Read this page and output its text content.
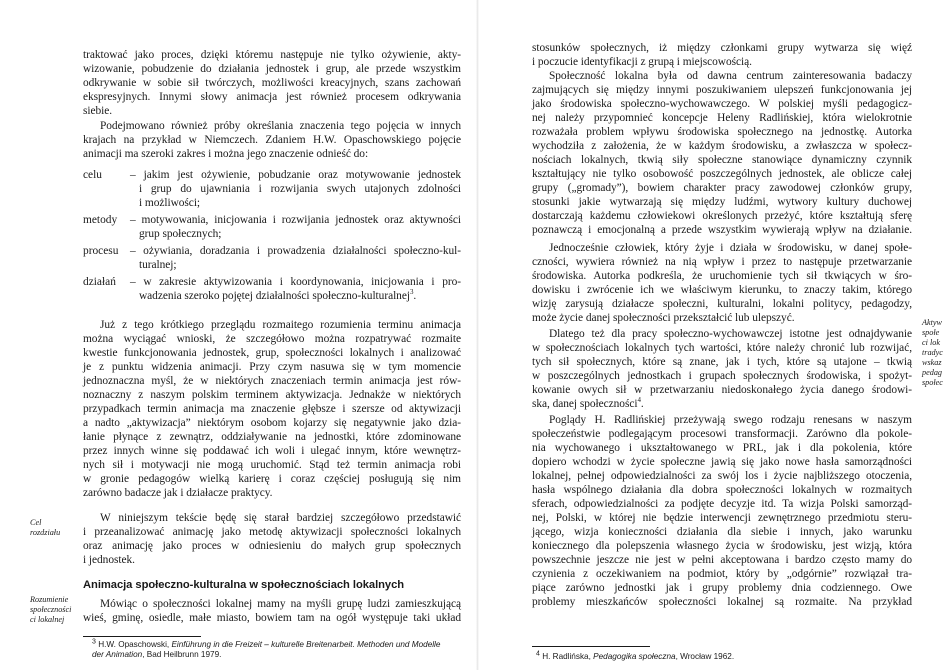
traktować jako proces, dzięki któremu następuje nie tylko ożywienie, akty-
wizowanie, pobudzenie do działania jednostek i grup, ale przede wszystkim
odkrywanie w sobie sił twórczych, możliwości kreacyjnych, szans zachowań
ekspresyjnych. Innymi słowy animacja jest również procesem odkrywania
siebie.
Podejmowano również próby określania znaczenia tego pojęcia w innych
krajach na przykład w Niemczech. Zdaniem H.W. Opaschowskiego pojęcie
animacji ma szeroki zakres i można jego znaczenie odnieść do:
celu – jakim jest ożywienie, pobudzanie oraz motywowanie jednostek
i grup do ujawniania i rozwijania swych utajonych zdolności
i możliwości;
metody – motywowania, inicjowania i rozwijania jednostek oraz aktywności
grup społecznych;
procesu – ożywiania, doradzania i prowadzenia działalności społeczno-kul-
turalnej;
działań – w zakresie aktywizowania i koordynowania, inicjowania i pro-
wadzenia szeroko pojętej działalności społeczno-kulturalnej$^3$.
Już z tego krótkiego przeglądu rozmaitego rozumienia terminu animacja
można wyciągać wnioski, że szczegółowo można rozpatrywać rozmaite
kwestie funkcjonowania jednostek, grup, społeczności lokalnych i analizować
je z punktu widzenia animacji. Przy czym nasuwa się w tym momencie
jednoznaczna myśl, że w niektórych znaczeniach termin animacja jest rów-
noznaczny z naszym polskim terminem aktywizacja. Jednakże w niektórych
przypadkach termin animacja ma znaczenie głębsze i szersze od aktywizacji
a nadto „aktywizacja” niektórym osobom kojarzy się negatywnie jako dzia-
łanie płynące z zewnątrz, oddziaływanie na jednostki, które zdominowane
przez innych winne się poddawać ich woli i ulegać innym, które wewnętrz-
nych sił i motywacji nie mogą uruchomić. Stąd też termin animacja robi
w gronie pedagogów wielką karierę i coraz częściej posługują się nim
zarówno badacze jak i działacze praktycy.
W niniejszym tekście będę się starał bardziej szczegółowo przedstawić
i przeanalizować animację jako metodę aktywizacji społeczności lokalnych
oraz animację jako proces w odniesieniu do małych grup społecznych
i jednostek.
Animacja społeczno-kulturalna w społecznościach lokalnych
Mówiąc o społeczności lokalnej mamy na myśli grupę ludzi zamieszkującą
wieś, gminę, osiedle, małe miasto, bowiem tam na ogół występuje taki układ
Cel
rozdziału
Rozumienie
społeczności
ci lokalnej
$^3$ H.W. Opaschowski, Einführung in die Freizeit – kulturelle Breitenarbeit. Methoden und Modelle
der Animation, Bad Heilbrunn 1979.
stosunków społecznych, iż między członkami grupy wytwarza się więź
i poczucie identyfikacji z grupą i miejscowością.
Społeczność lokalna była od dawna centrum zainteresowania badaczy
zajmujących się między innymi poszukiwaniem ulepszeń funkcjonowania jej
jako środowiska społeczno-wychowawczego. W polskiej myśli pedagogicz-
nej należy przypomnieć koncepcje Heleny Radlińskiej, która wielokrotnie
rozważała problem wpływu środowiska społecznego na jednostkę. Autorka
wychodziła z założenia, że w każdym środowisku, a zwłaszcza w społecz-
nościach lokalnych, tkwią siły społeczne stanowiące dynamiczny czynnik
kształtujący nie tylko osobowość poszczególnych jednostek, ale oblicze całej
grupy („gromady”), bowiem charakter pracy zawodowej członków grupy,
stosunki jakie wytwarzają się między ludźmi, wytwory kultury duchowej
dostarczają każdemu człowiekowi określonych przeżyć, które kształtują sferę
poznawczą i emocjonalną a przede wszystkim wywierają wpływ na działanie.
Jednocześnie człowiek, który żyje i działa w środowisku, w danej społe-
czności, wywiera również na nią wpływ i przez to następuje przetwarzanie
środowiska. Autorka podkreśla, że uruchomienie tych sił tkwiących w śro-
dowisku i zwrócenie ich we właściwym kierunku, to znaczy takim, którego
wizję zarysują działacze społeczni, kulturalni, lokalni politycy, pedagodzy,
może życie danej społeczności przekształcić lub ulepszyć.
Dlatego też dla pracy społeczno-wychowawczej istotne jest odnajdywanie
w społecznościach lokalnych tych wartości, które należy chronić lub rozwijać,
tych sił społecznych, które są znane, jak i tych, które są utajone – tkwią
w poszczególnych jednostkach i grupach społecznych środowiska, i spożyt-
kowanie owych sił w przetwarzaniu niedoskonałego życia danego środowi-
ska, danej społeczności$^4$.
Poglądy H. Radlińskiej przeżywają swego rodzaju renesans w naszym
społeczeństwie podlegającym procesowi transformacji. Zarówno dla pokole-
nia wychowanego i ukształtowanego w PRL, jak i dla pokolenia, które
dopiero wchodzi w życie społeczne jawią się jako nowe hasła samorządności
lokalnej, pełnej odpowiedzialności za swój los i życie najbliższego otoczenia,
hasła wspólnego działania dla dobra społeczności lokalnych w rozmaitych
sferach, odpowiedzialności za podjęte decyzje itd. Ta wizja Polski samorząd-
nej, Polski, w której nie będzie interwencji zewnętrznego przedmiotu steru-
jącego, wizja konieczności działania dla siebie i innych, jako warunku
koniecznego dla polepszenia własnego życia w środowisku, jest wizją, która
powszechnie jeszcze nie jest w pełni akceptowana i bardzo często mamy do
czynienia z oczekiwaniem na podmiot, który by „odgórnie” rozwiązał tra-
piące zarówno jednostki jak i grupy problemy dnia codziennego. Owe
problemy mieszkańców społeczności lokalnej są rozmaite. Na przykład
Aktyw
społe
ci lok
tradyc
wskaz
pedag
społec
$^4$ H. Radlińska, Pedagogika społeczna, Wrocław 1962.
